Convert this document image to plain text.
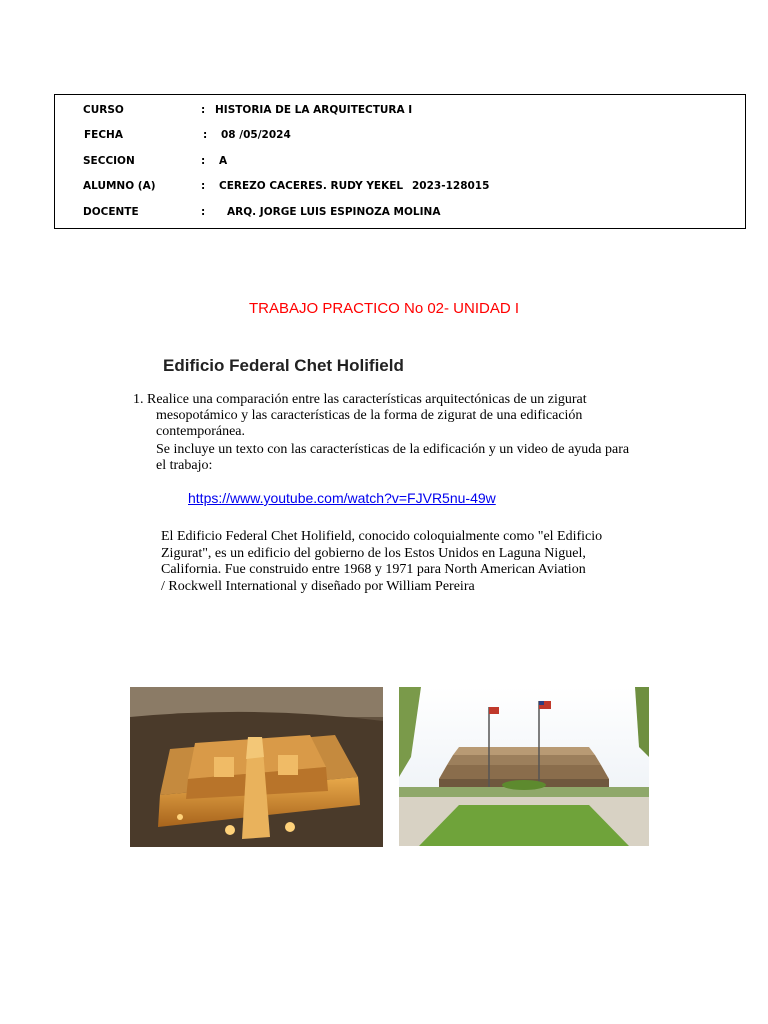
CURSO	: HISTORIA DE LA ARQUITECTURA I
FECHA	: 08 /05/2024
SECCION	: A
ALUMNO (A)	: CEREZO CACERES. RUDY YEKEL 2023-128015
DOCENTE	: ARQ. JORGE LUIS ESPINOZA MOLINA
TRABAJO PRACTICO No 02- UNIDAD I
Edificio Federal Chet Holifield
1. Realice una comparación entre las características arquitectónicas de un zigurat
mesopotámico y las características de la forma de zigurat de una edificación
contemporánea.
Se incluye un texto con las características de la edificación y un video de ayuda para
el trabajo:
https://www.youtube.com/watch?v=FJVR5nu-49w
El Edificio Federal Chet Holifield, conocido coloquialmente como "el Edificio
Zigurat", es un edificio del gobierno de los Estos Unidos en Laguna Niguel,
California. Fue construido entre 1968 y 1971 para North American Aviation
/ Rockwell International y diseñado por William Pereira
